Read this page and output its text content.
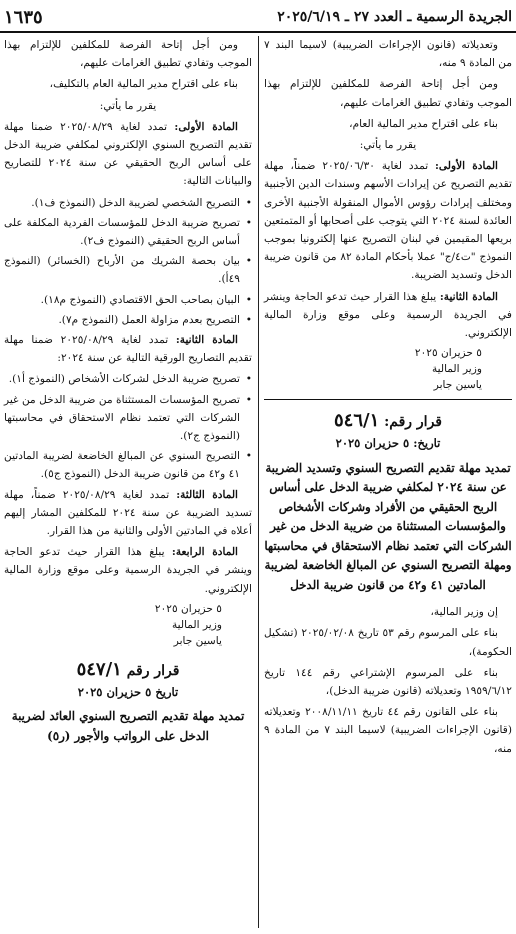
الجريدة الرسمية ـ العدد ٢٧ ـ ٢٠٢٥/٦/١٩
١٦٣٥

وتعديلاته (قانون الإجراءات الضريبية) لاسيما البند ٧ من المادة ٩ منه،

ومن أجل إتاحة الفرصة للمكلفين للإلتزام بهذا الموجب وتفادي تطبيق الغرامات عليهم،

بناء على اقتراح مدير المالية العام،

يقرر ما يأتي:

المادة الأولى: تمدد لغاية ٢٠٢٥/٠٦/٣٠ ضمناً، مهلة تقديم التصريح عن إيرادات الأسهم وسندات الدين الأجنبية ومختلف إيرادات رؤوس الأموال المنقولة الأجنبية الأخرى العائدة لسنة ٢٠٢٤ التي يتوجب على أصحابها أو المتمتعين بريعها المقيمين في لبنان التصريح عنها إلكترونيا بموجب النموذج "ت٤/ج" عملا بأحكام المادة ٨٢ من قانون ضريبة الدخل وتسديد الضريبة.

المادة الثانية: يبلغ هذا القرار حيث تدعو الحاجة وينشر في الجريدة الرسمية وعلى موقع وزارة المالية الإلكتروني.

٥ حزيران ٢٠٢٥
وزير المالية
ياسين جابر
قرار رقم: ٥٤٦/١
تاريخ: ٥ حزيران ٢٠٢٥
تمديد مهلة تقديم التصريح السنوي وتسديد الضريبة عن سنة ٢٠٢٤ لمكلفي ضريبة الدخل على أساس الربح الحقيقي من الأفراد وشركات الأشخاص والمؤسسات المستثناة من ضريبة الدخل من غير الشركات التي تعتمد نظام الاستحقاق في محاسبتها ومهلة التصريح السنوي عن المبالغ الخاضعة لضريبة المادتين ٤١ و٤٢ من قانون ضريبة الدخل

إن وزير المالية،

بناء على المرسوم رقم ٥٣ تاريخ ٢٠٢٥/٠٢/٠٨ (تشكيل الحكومة)،

بناء على المرسوم الإشتراعي رقم ١٤٤ تاريخ ١٩٥٩/٦/١٢ وتعديلاته (قانون ضريبة الدخل)،

بناء على القانون رقم ٤٤ تاريخ ٢٠٠٨/١١/١١ وتعديلاته (قانون الإجراءات الضريبية) لاسيما البند ٧ من المادة ٩ منه،

ومن أجل إتاحة الفرصة للمكلفين للإلتزام بهذا الموجب وتفادي تطبيق الغرامات عليهم،

بناء على اقتراح مدير المالية العام بالتكليف،

يقرر ما يأتي:

المادة الأولى: تمدد لغاية ٢٠٢٥/٠٨/٢٩ ضمنا مهلة تقديم التصريح السنوي الإلكتروني لمكلفي ضريبة الدخل على أساس الربح الحقيقي عن سنة ٢٠٢٤ للتصاريح والبيانات التالية:

• التصريح الشخصي لضريبة الدخل (النموذج ف١).
• تصريح ضريبة الدخل للمؤسسات الفردية المكلفة على أساس الربح الحقيقي (النموذج ف٢).
• بيان بحصة الشريك من الأرباح (الخسائر) (النموذج ٤٩أ).
• البيان بصاحب الحق الاقتصادي (النموذج م١٨).
• التصريح بعدم مزاولة العمل (النموذج م٧).

المادة الثانية: تمدد لغاية ٢٠٢٥/٠٨/٢٩ ضمنا مهلة تقديم التصاريح الورقية التالية عن سنة ٢٠٢٤:

• تصريح ضريبة الدخل لشركات الأشخاص (النموذج أ١).
• تصريح المؤسسات المستثناة من ضريبة الدخل من غير الشركات التي تعتمد نظام الاستحقاق في محاسبتها (النموذج ج٢).
• التصريح السنوي عن المبالغ الخاضعة لضريبة المادتين ٤١ و٤٢ من قانون ضريبة الدخل (النموذج ج٥).

المادة الثالثة: تمدد لغاية ٢٠٢٥/٠٨/٢٩ ضمناً، مهلة تسديد الضريبة عن سنة ٢٠٢٤ للمكلفين المشار إليهم أعلاه في المادتين الأولى والثانية من هذا القرار.

المادة الرابعة: يبلغ هذا القرار حيث تدعو الحاجة وينشر في الجريدة الرسمية وعلى موقع وزارة المالية الإلكتروني.

٥ حزيران ٢٠٢٥
وزير المالية
ياسين جابر
قرار رقم ٥٤٧/١
تاريخ ٥ حزيران ٢٠٢٥
تمديد مهلة تقديم التصريح السنوي العائد لضريبة الدخل على الرواتب والأجور (ر٥)
